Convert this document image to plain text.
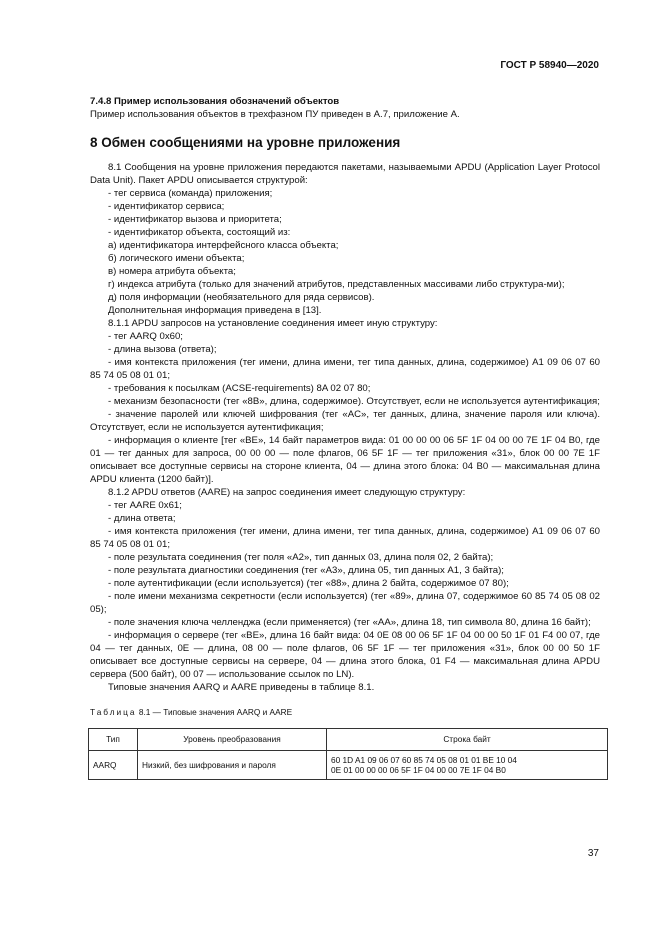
ГОСТ Р 58940—2020
7.4.8 Пример использования обозначений объектов

Пример использования объектов в трехфазном ПУ приведен в А.7, приложение А.

8 Обмен сообщениями на уровне приложения

8.1 Сообщения на уровне приложения передаются пакетами, называемыми APDU (Application Layer Protocol Data Unit). Пакет APDU описывается структурой:

- тег сервиса (команда) приложения;

- идентификатор сервиса;

- идентификатор вызова и приоритета;

- идентификатор объекта, состоящий из:

а) идентификатора интерфейсного класса объекта;

б) логического имени объекта;

в) номера атрибута объекта;

г) индекса атрибута (только для значений атрибутов, представленных массивами либо структура-ми);

д) поля информации (необязательного для ряда сервисов).

Дополнительная информация приведена в [13].

8.1.1 APDU запросов на установление соединения имеет иную структуру:

- тег AARQ 0x60;

- длина вызова (ответа);

- имя контекста приложения (тег имени, длина имени, тег типа данных, длина, содержимое) A1 09 06 07 60 85 74 05 08 01 01;

- требования к посылкам (ACSE-requirements) 8A 02 07 80;

- механизм безопасности (тег «8B», длина, содержимое). Отсутствует, если не используется аутентификация;

- значение паролей или ключей шифрования (тег «AC», тег данных, длина, значение пароля или ключа). Отсутствует, если не используется аутентификация;

- информация о клиенте [тег «BE», 14 байт параметров вида: 01 00 00 00 06 5F 1F 04 00 00 7E 1F 04 B0, где 01 — тег данных для запроса, 00 00 00 — поле флагов, 06 5F 1F — тег приложения «31», блок 00 00 7E 1F описывает все доступные сервисы на стороне клиента, 04 — длина этого блока: 04 B0 — максимальная длина APDU клиента (1200 байт)].

8.1.2 APDU ответов (AARE) на запрос соединения имеет следующую структуру:

- тег AARE 0x61;

- длина ответа;

- имя контекста приложения (тег имени, длина имени, тег типа данных, длина, содержимое) A1 09 06 07 60 85 74 05 08 01 01;

- поле результата соединения (тег поля «A2», тип данных 03, длина поля 02, 2 байта);

- поле результата диагностики соединения (тег «A3», длина 05, тип данных A1, 3 байта);

- поле аутентификации (если используется) (тег «88», длина 2 байта, содержимое 07 80);

- поле имени механизма секретности (если используется) (тег «89», длина 07, содержимое 60 85 74 05 08 02 05);

- поле значения ключа челленджа (если применяется) (тег «AA», длина 18, тип символа 80, длина 16 байт);

- информация о сервере (тег «BE», длина 16 байт вида: 04 0E 08 00 06 5F 1F 04 00 00 50 1F 01 F4 00 07, где 04 — тег данных, 0E — длина, 08 00 — поле флагов, 06 5F 1F — тег приложения «31», блок 00 00 50 1F описывает все доступные сервисы на сервере, 04 — длина этого блока, 01 F4 — максимальная длина APDU сервера (500 байт), 00 07 — использование ссылок по LN).

Типовые значения AARQ и AARE приведены в таблице 8.1.

Таблица 8.1 — Типовые значения AARQ и AARE
Тип	Уровень преобразования	Строка байт
AARQ	Низкий, без шифрования и пароля	60 1D A1 09 06 07 60 85 74 05 08 01 01 BE 10 04
0E 01 00 00 00 06 5F 1F 04 00 00 7E 1F 04 B0
37
